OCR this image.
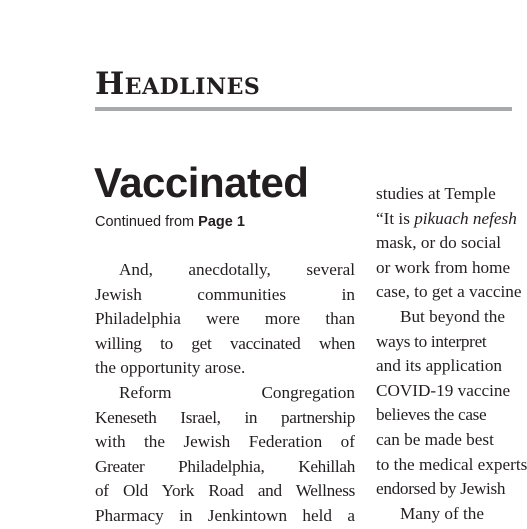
Headlines
Vaccinated
Continued from Page 1
And, anecdotally, several
Jewish communities in
Philadelphia were more than
willing to get vaccinated when
the opportunity arose.
Reform Congregation
Keneseth Israel, in partnership
with the Jewish Federation of
Greater Philadelphia, Kehillah
of Old York Road and Wellness
Pharmacy in Jenkintown held a
studies at Temple
“It is pikuach nefesh
mask, or do social
or work from home
case, to get a vaccine
But beyond the
ways to interpret
and its application
COVID-19 vaccine
believes the case
can be made best
to the medical experts
endorsed by Jewish
Many of the
